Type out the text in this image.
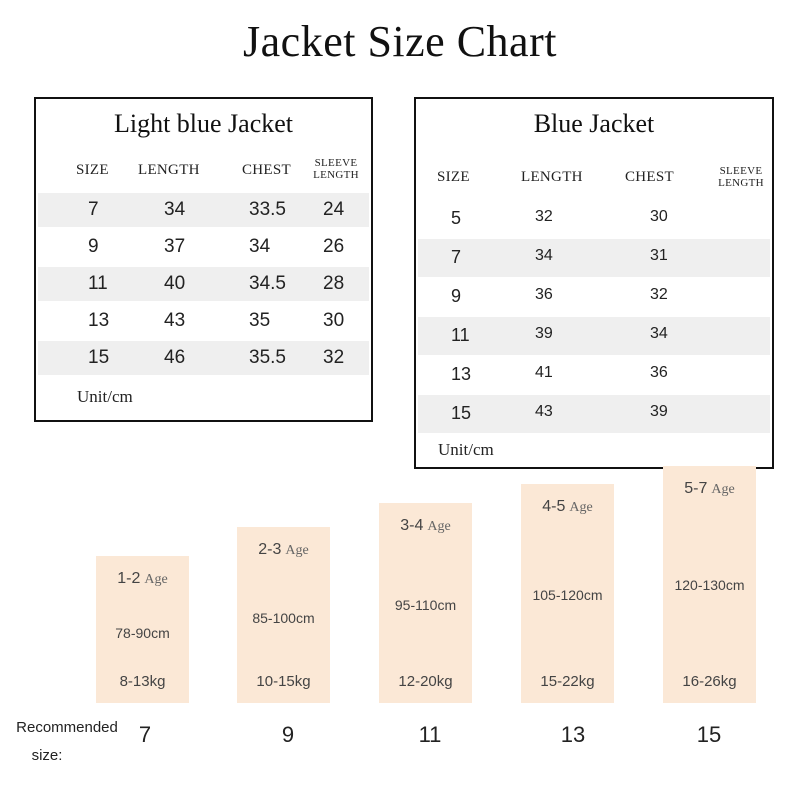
Jacket Size Chart
Light blue Jacket
SIZE LENGTH	CHEST	SLEEVE
LENGTH
7	34	33.5 24
9	37	34	26
11	40	34.5 28
13	43	35	30
15	46	35.5 32
Unit/cm
Blue Jacket
SIZE	LENGTH	CHEST	SLEEVE
LENGTH
5	32	30
7	34	31
9	36	32
11	39	34
13	41	36
15	43	39
Unit/cm
1-2 Age
78-90cm
8-13kg
7
2-3 Age
85-100cm
10-15kg
9
3-4 Age
95-110cm
12-20kg
11
4-5 Age
105-120cm
15-22kg
13
5-7 Age
120-130cm
16-26kg
15
Recommended
size:
